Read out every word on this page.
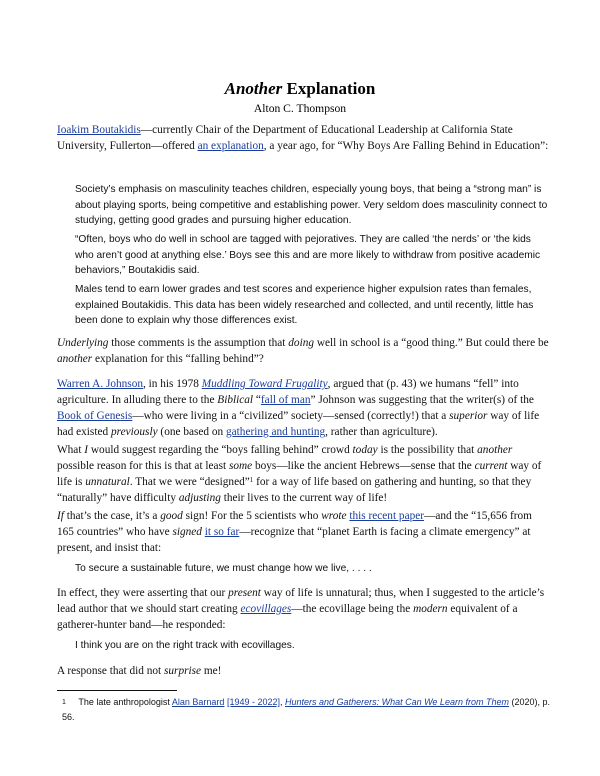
Another Explanation
Alton C. Thompson

Ioakim Boutakidis—currently Chair of the Department of Educational Leadership at California State University, Fullerton—offered an explanation, a year ago, for “Why Boys Are Falling Behind in Education”:

Society’s emphasis on masculinity teaches children, especially young boys, that being a “strong man” is about playing sports, being competitive and establishing power. Very seldom does masculinity connect to studying, getting good grades and pursuing higher education.

“Often, boys who do well in school are tagged with pejoratives. They are called ‘the nerds’ or ‘the kids who aren’t good at anything else.’ Boys see this and are more likely to withdraw from positive academic behaviors,” Boutakidis said.

Males tend to earn lower grades and test scores and experience higher expulsion rates than females, explained Boutakidis. This data has been widely researched and collected, and until recently, little has been done to explain why those differences exist.

Underlying those comments is the assumption that doing well in school is a “good thing.” But could there be another explanation for this “falling behind”?

Warren A. Johnson, in his 1978 Muddling Toward Frugality, argued that (p. 43) we humans “fell” into agriculture. In alluding there to the Biblical “fall of man” Johnson was suggesting that the writer(s) of the Book of Genesis—who were living in a “civilized” society—sensed (correctly!) that a superior way of life had existed previously (one based on gathering and hunting, rather than agriculture).

What I would suggest regarding the “boys falling behind” crowd today is the possibility that another possible reason for this is that at least some boys—like the ancient Hebrews—sense that the current way of life is unnatural. That we were “designed”$^1$ for a way of life based on gathering and hunting, so that they “naturally” have difficulty adjusting their lives to the current way of life!

If that’s the case, it’s a good sign! For the 5 scientists who wrote this recent paper—and the “15,656 from 165 countries” who have signed it so far—recognize that “planet Earth is facing a climate emergency” at present, and insist that:

To secure a sustainable future, we must change how we live, . . . .

In effect, they were asserting that our present way of life is unnatural; thus, when I suggested to the article’s lead author that we should start creating ecovillages—the ecovillage being the modern equivalent of a gatherer-hunter band—he responded:

I think you are on the right track with ecovillages.

A response that did not surprise me!

1 The late anthropologist Alan Barnard [1949 - 2022], Hunters and Gatherers: What Can We Learn from Them (2020), p. 56.
